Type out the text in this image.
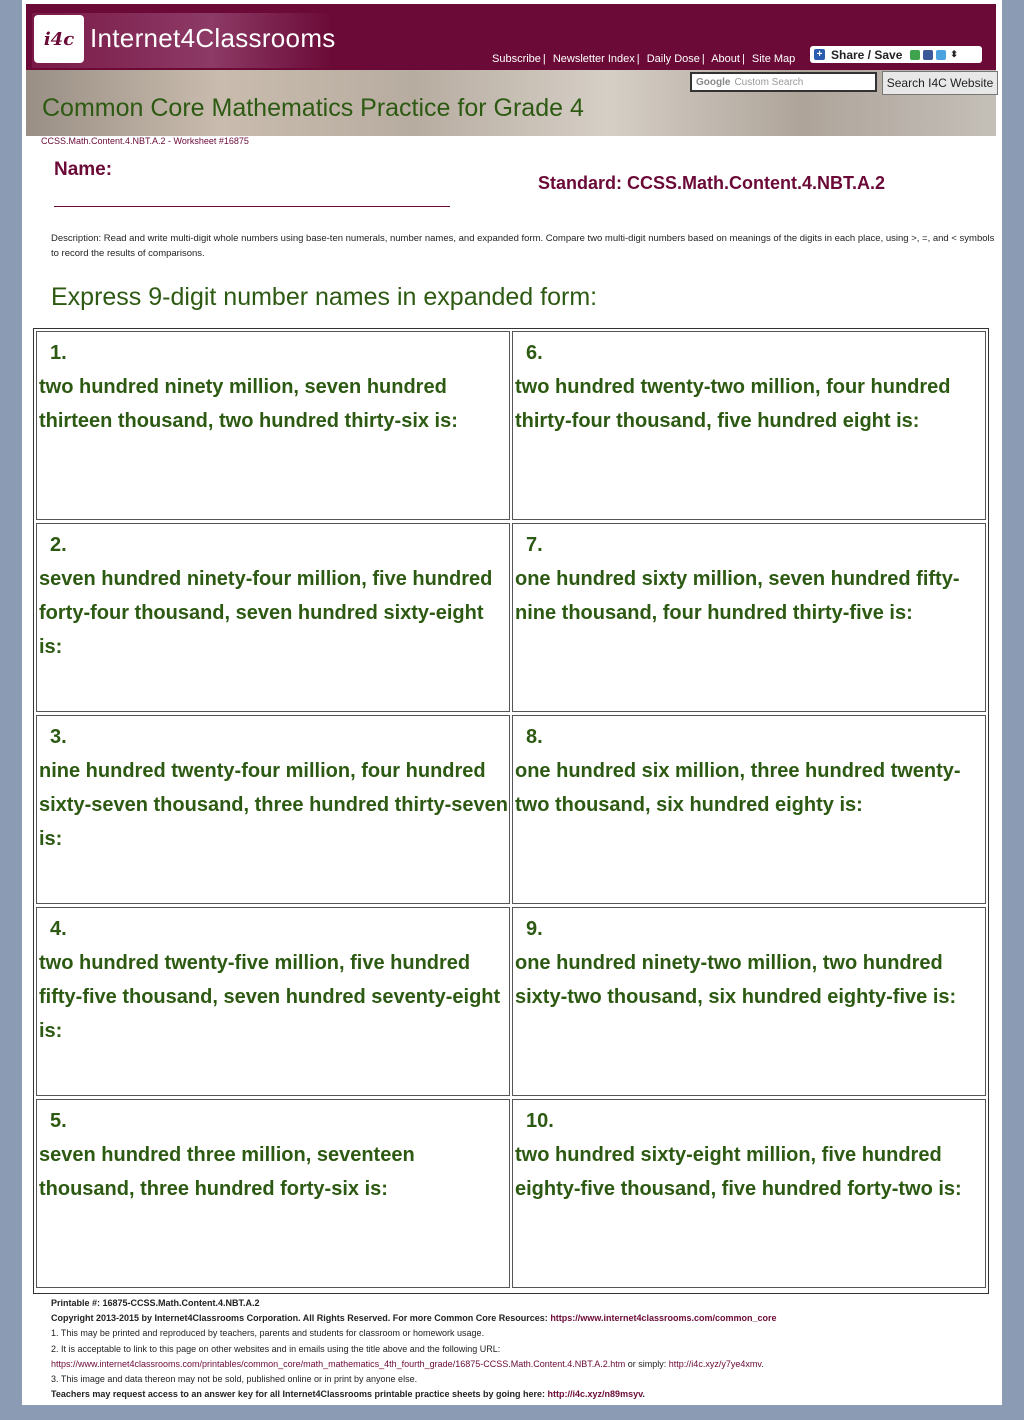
i4c Internet4Classrooms
Subscribe | Newsletter Index | Daily Dose | About | Site Map + Share / Save	⬍
Google Custom Search	Search I4C Website
Common Core Mathematics Practice for Grade 4
CCSS.Math.Content.4.NBT.A.2 - Worksheet #16875
Name:
Standard: CCSS.Math.Content.4.NBT.A.2
Description: Read and write multi-digit whole numbers using base-ten numerals, number names, and expanded form. Compare two multi-digit numbers based on meanings of the digits in each place, using >, =, and < symbols to record the results of comparisons.
Express 9-digit number names in expanded form:
1.
two hundred ninety million, seven hundred thirteen thousand, two hundred thirty-six is:
2.
seven hundred ninety-four million, five hundred forty-four thousand, seven hundred sixty-eight is:
3.
nine hundred twenty-four million, four hundred sixty-seven thousand, three hundred thirty-seven is:
4.
two hundred twenty-five million, five hundred fifty-five thousand, seven hundred seventy-eight is:
5.
seven hundred three million, seventeen thousand, three hundred forty-six is:
6.
two hundred twenty-two million, four hundred thirty-four thousand, five hundred eight is:
7.
one hundred sixty million, seven hundred fifty-nine thousand, four hundred thirty-five is:
8.
one hundred six million, three hundred twenty-two thousand, six hundred eighty is:
9.
one hundred ninety-two million, two hundred sixty-two thousand, six hundred eighty-five is:
10.
two hundred sixty-eight million, five hundred eighty-five thousand, five hundred forty-two is:
Printable #: 16875-CCSS.Math.Content.4.NBT.A.2
Copyright 2013-2015 by Internet4Classrooms Corporation. All Rights Reserved. For more Common Core Resources: https://www.internet4classrooms.com/common_core
1. This may be printed and reproduced by teachers, parents and students for classroom or homework usage.
2. It is acceptable to link to this page on other websites and in emails using the title above and the following URL:
https://www.internet4classrooms.com/printables/common_core/math_mathematics_4th_fourth_grade/16875-CCSS.Math.Content.4.NBT.A.2.htm or simply: http://i4c.xyz/y7ye4xmv.
3. This image and data thereon may not be sold, published online or in print by anyone else.
Teachers may request access to an answer key for all Internet4Classrooms printable practice sheets by going here: http://i4c.xyz/n89msyv.
